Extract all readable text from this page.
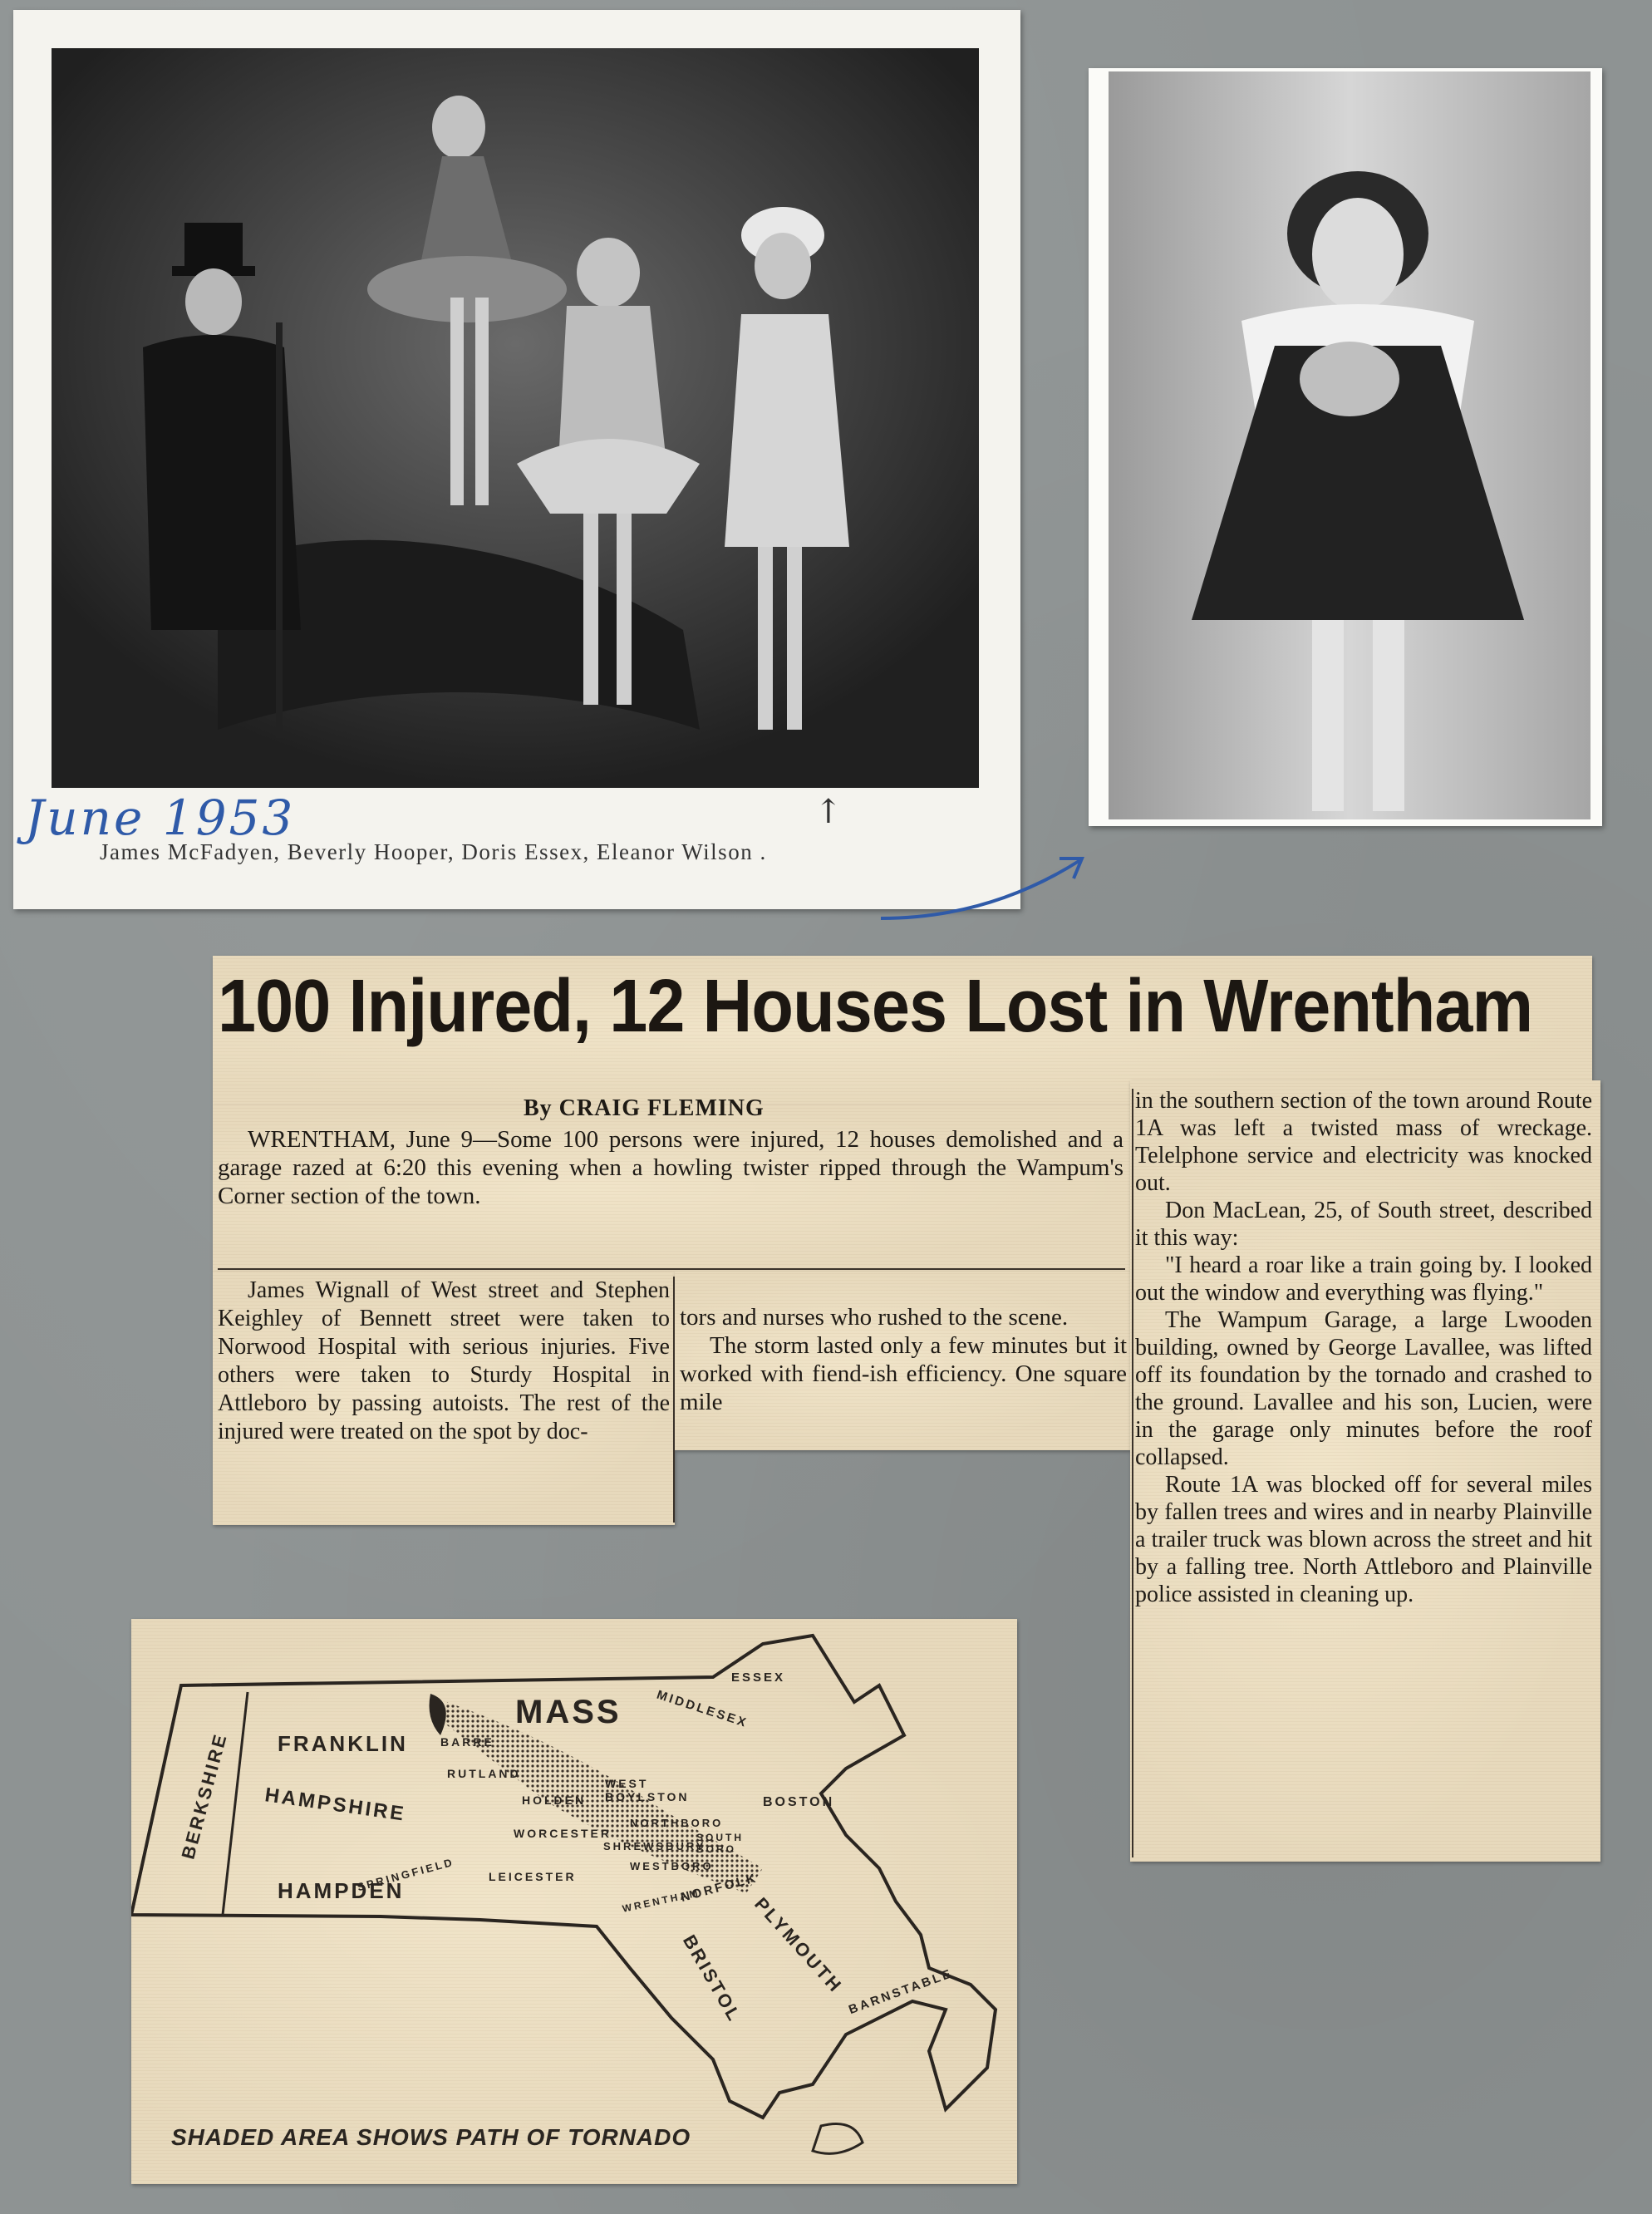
June 1953	↑
James McFadyen, Beverly Hooper, Doris Essex, Eleanor Wilson .
100 Injured, 12 Houses Lost in Wrentham
By CRAIG FLEMING

WRENTHAM, June 9—Some 100 persons were injured, 12 houses demolished and a garage razed at 6:20 this evening when a howling twister ripped through the Wampum's Corner section of the town.

James Wignall of West street and Stephen Keighley of Bennett street were taken to Norwood Hospital with serious injuries. Five others were taken to Sturdy Hospital in Attleboro by passing autoists. The rest of the injured were treated on the spot by doc-

tors and nurses who rushed to the scene.

The storm lasted only a few minutes but it worked with fiend-ish efficiency. One square mile

in the southern section of the town around Route 1A was left a twisted mass of wreckage. Telelphone service and electricity was knocked out.

Don MacLean, 25, of South street, described it this way:

"I heard a roar like a train going by. I looked out the window and everything was flying."

The Wampum Garage, a large Lwooden building, owned by George Lavallee, was lifted off its foundation by the tornado and crashed to the ground. Lavallee and his son, Lucien, were in the garage only minutes before the roof collapsed.

Route 1A was blocked off for several miles by fallen trees and wires and in nearby Plainville a trailer truck was blown across the street and hit by a falling tree. North Attleboro and Plainville police assisted in cleaning up.

MASS
FRANKLIN
HAMPSHIRE
HAMPDEN
BERKSHIRE
ESSEX
MIDDLESEX
NORFOLK
PLYMOUTH
BRISTOL	BARNSTABLE
BARRE
RUTLAND
HOLDEN
WEST BOYLSTON
NORTHBORO
BOSTON
WORCESTER
SHREWSBURY
SOUTH BORO
WESTBORO
SPRINGFIELD	LEICESTER
WRENTHAM
SHADED AREA SHOWS PATH OF TORNADO
